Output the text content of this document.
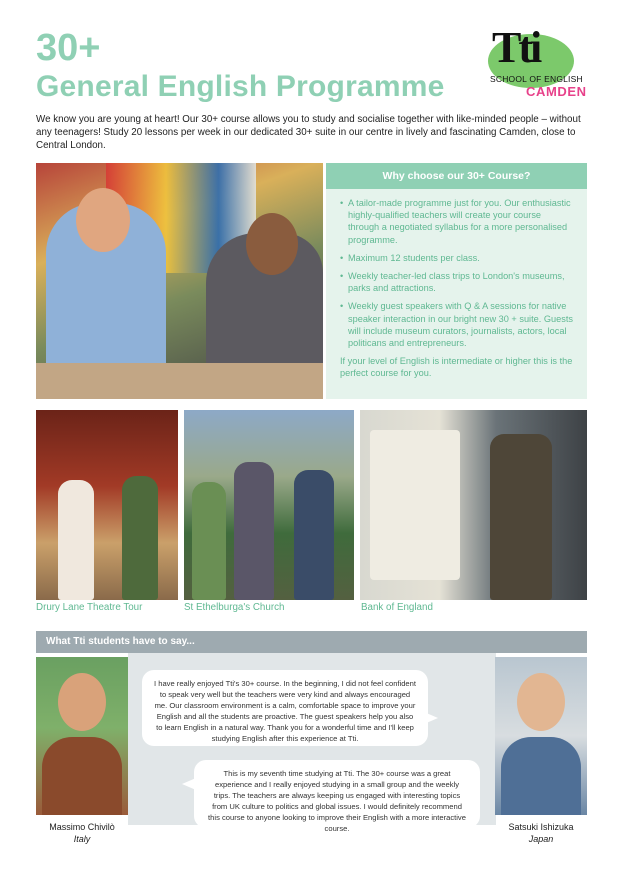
30+
General English Programme
Tti
SCHOOL OF ENGLISH
CAMDEN

We know you are young at heart! Our 30+ course allows you to study and socialise together with like-minded people – without any teenagers! Study 20 lessons per week in our dedicated 30+ suite in our centre in lively and fascinating Camden, close to Central London.

Why choose our 30+ Course?
• A tailor-made programme just for you. Our enthusiastic highly-qualified teachers will create your course through a negotiated syllabus for a more personalised programme.
• Maximum 12 students per class.
• Weekly teacher-led class trips to London's museums, parks and attractions.
• Weekly guest speakers with Q & A sessions for native speaker interaction in our bright new 30 + suite. Guests will include museum curators, journalists, actors, local politicans and entrepreneurs.

If your level of English is intermediate or higher this is the perfect course for you.

Drury Lane Theatre Tour	St Ethelburga's Church	Bank of England
What Tti students have to say...
I have really enjoyed Tti's 30+ course. In the beginning, I did not feel confident to speak very well but the teachers were very kind and always encouraged me. Our classroom environment is a calm, comfortable space to improve your English and all the students are proactive. The guest speakers help you also to learn English in a natural way. Thank you for a wonderful time and I'll keep studying English after this experience at Tti.
This is my seventh time studying at Tti. The 30+ course was a great experience and I really enjoyed studying in a small group and the weekly trips. The teachers are always keeping us engaged with interesting topics from UK culture to politics and global issues. I would definitely recommend this course to anyone looking to improve their English with a more interactive course.
Massimo Chivilò
Italy
Satsuki Ishizuka
Japan
